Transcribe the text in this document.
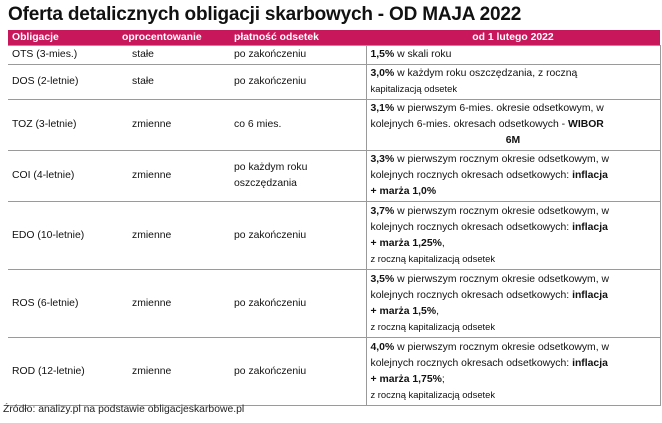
Oferta detalicznych obligacji skarbowych - OD MAJA 2022
Obligacje	oprocentowanie	płatność odsetek	od 1 lutego 2022
OTS (3-mies.)	stałe	po zakończeniu	1,5% w skali roku

DOS (2-letnie)	stałe	po zakończeniu	3,0% w każdym roku oszczędzania, z roczną
kapitalizacją odsetek

TOZ (3-letnie)	zmienne	co 6 mies.	3,1% w pierwszym 6-mies. okresie odsetkowym, w
kolejnych 6-mies. okresach odsetkowych - WIBOR
6M

COI (4-letnie)	zmienne	po każdym roku oszczędzania	3,3% w pierwszym rocznym okresie odsetkowym, w
kolejnych rocznych okresach odsetkowych: inflacja
+ marża 1,0%

EDO (10-letnie)	zmienne	po zakończeniu	3,7% w pierwszym rocznym okresie odsetkowym, w
kolejnych rocznych okresach odsetkowych: inflacja
+ marża 1,25%,
z roczną kapitalizacją odsetek

ROS (6-letnie)	zmienne	po zakończeniu	3,5% w pierwszym rocznym okresie odsetkowym, w
kolejnych rocznych okresach odsetkowych: inflacja
+ marża 1,5%,
z roczną kapitalizacją odsetek

ROD (12-letnie)	zmienne	po zakończeniu	4,0% w pierwszym rocznym okresie odsetkowym, w
kolejnych rocznych okresach odsetkowych: inflacja
+ marża 1,75%;
z roczną kapitalizacją odsetek
Źródło: analizy.pl na podstawie obligacjeskarbowe.pl
